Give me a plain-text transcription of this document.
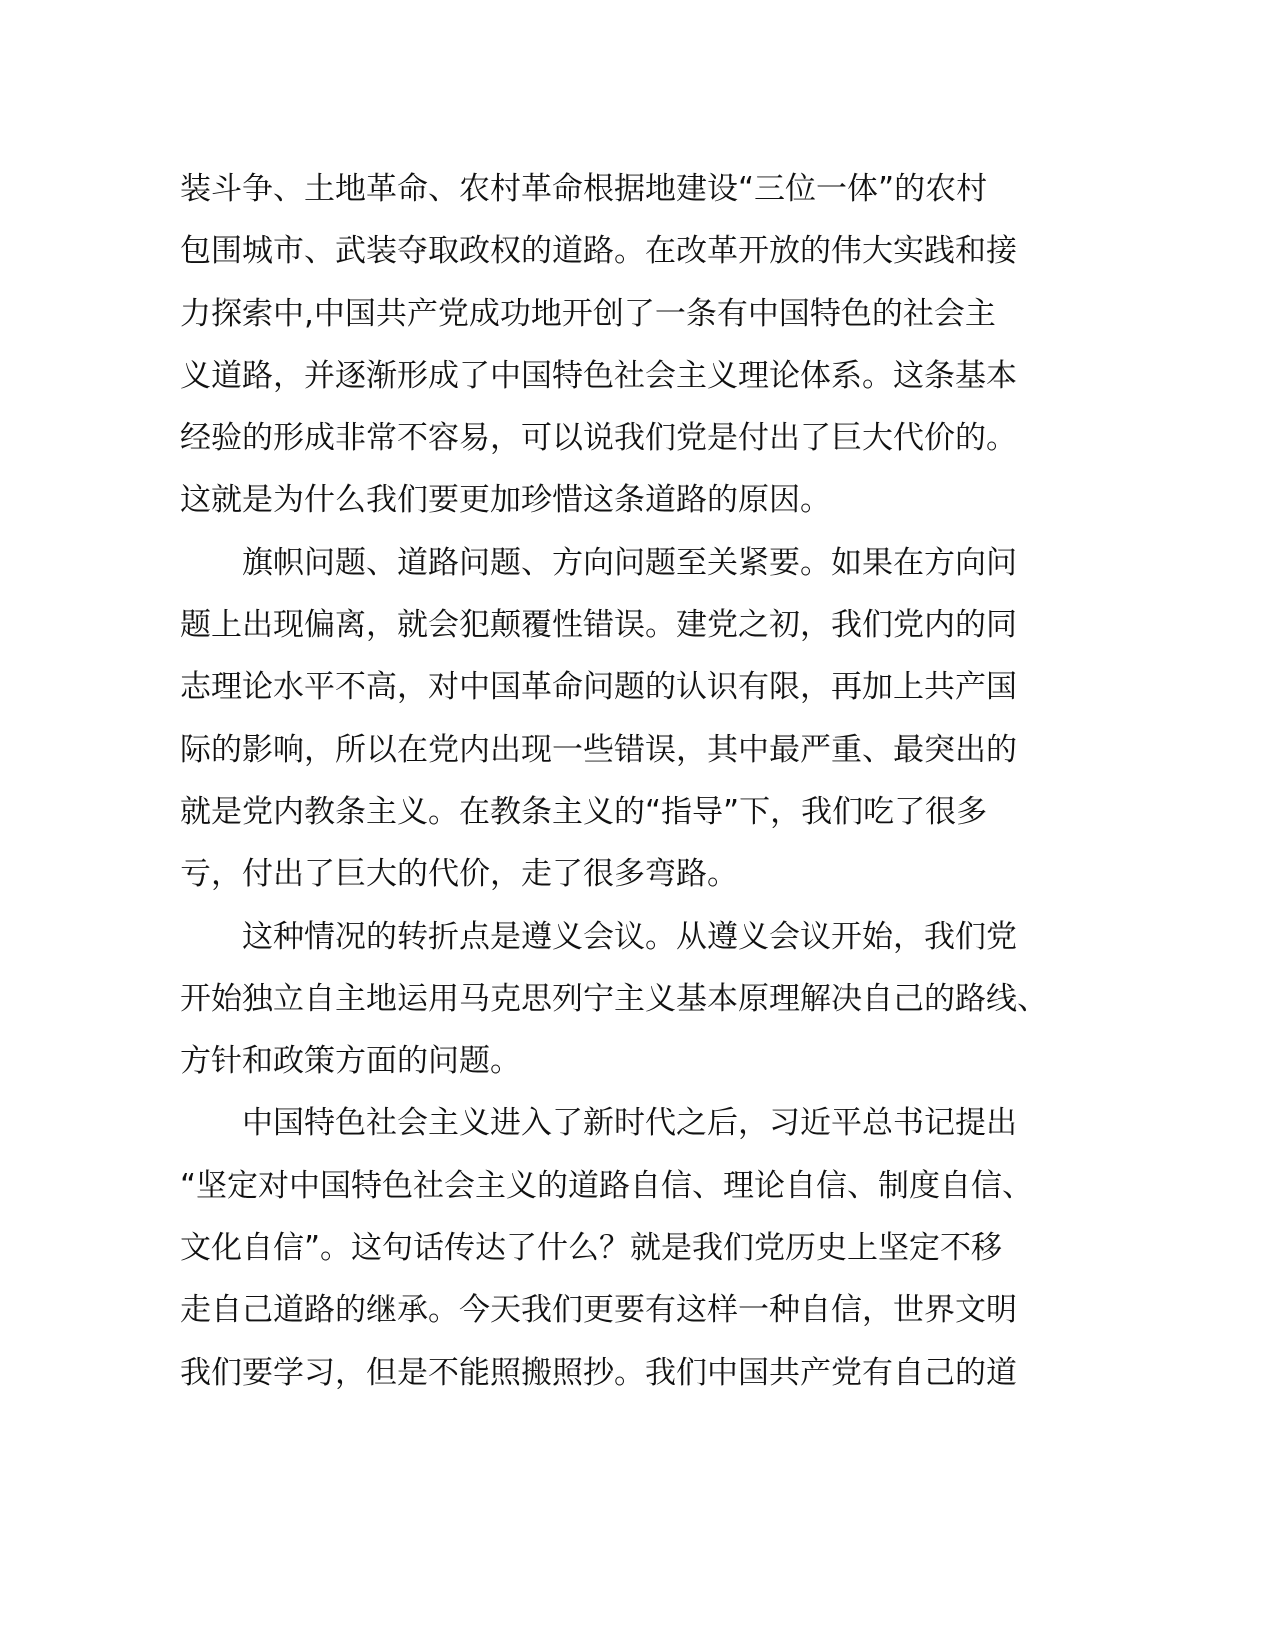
装斗争、土地革命、农村革命根据地建设“三位一体”的农村
包围城市、武装夺取政权的道路。在改革开放的伟大实践和接
力探索中,中国共产党成功地开创了一条有中国特色的社会主
义道路，并逐渐形成了中国特色社会主义理论体系。这条基本
经验的形成非常不容易，可以说我们党是付出了巨大代价的。
这就是为什么我们要更加珍惜这条道路的原因。
旗帜问题、道路问题、方向问题至关紧要。如果在方向问
题上出现偏离，就会犯颠覆性错误。建党之初，我们党内的同
志理论水平不高，对中国革命问题的认识有限，再加上共产国
际的影响，所以在党内出现一些错误，其中最严重、最突出的
就是党内教条主义。在教条主义的“指导”下，我们吃了很多
亏，付出了巨大的代价，走了很多弯路。
这种情况的转折点是遵义会议。从遵义会议开始，我们党
开始独立自主地运用马克思列宁主义基本原理解决自己的路线、
方针和政策方面的问题。
中国特色社会主义进入了新时代之后，习近平总书记提出
“坚定对中国特色社会主义的道路自信、理论自信、制度自信、
文化自信”。这句话传达了什么？就是我们党历史上坚定不移
走自己道路的继承。今天我们更要有这样一种自信，世界文明
我们要学习，但是不能照搬照抄。我们中国共产党有自己的道
